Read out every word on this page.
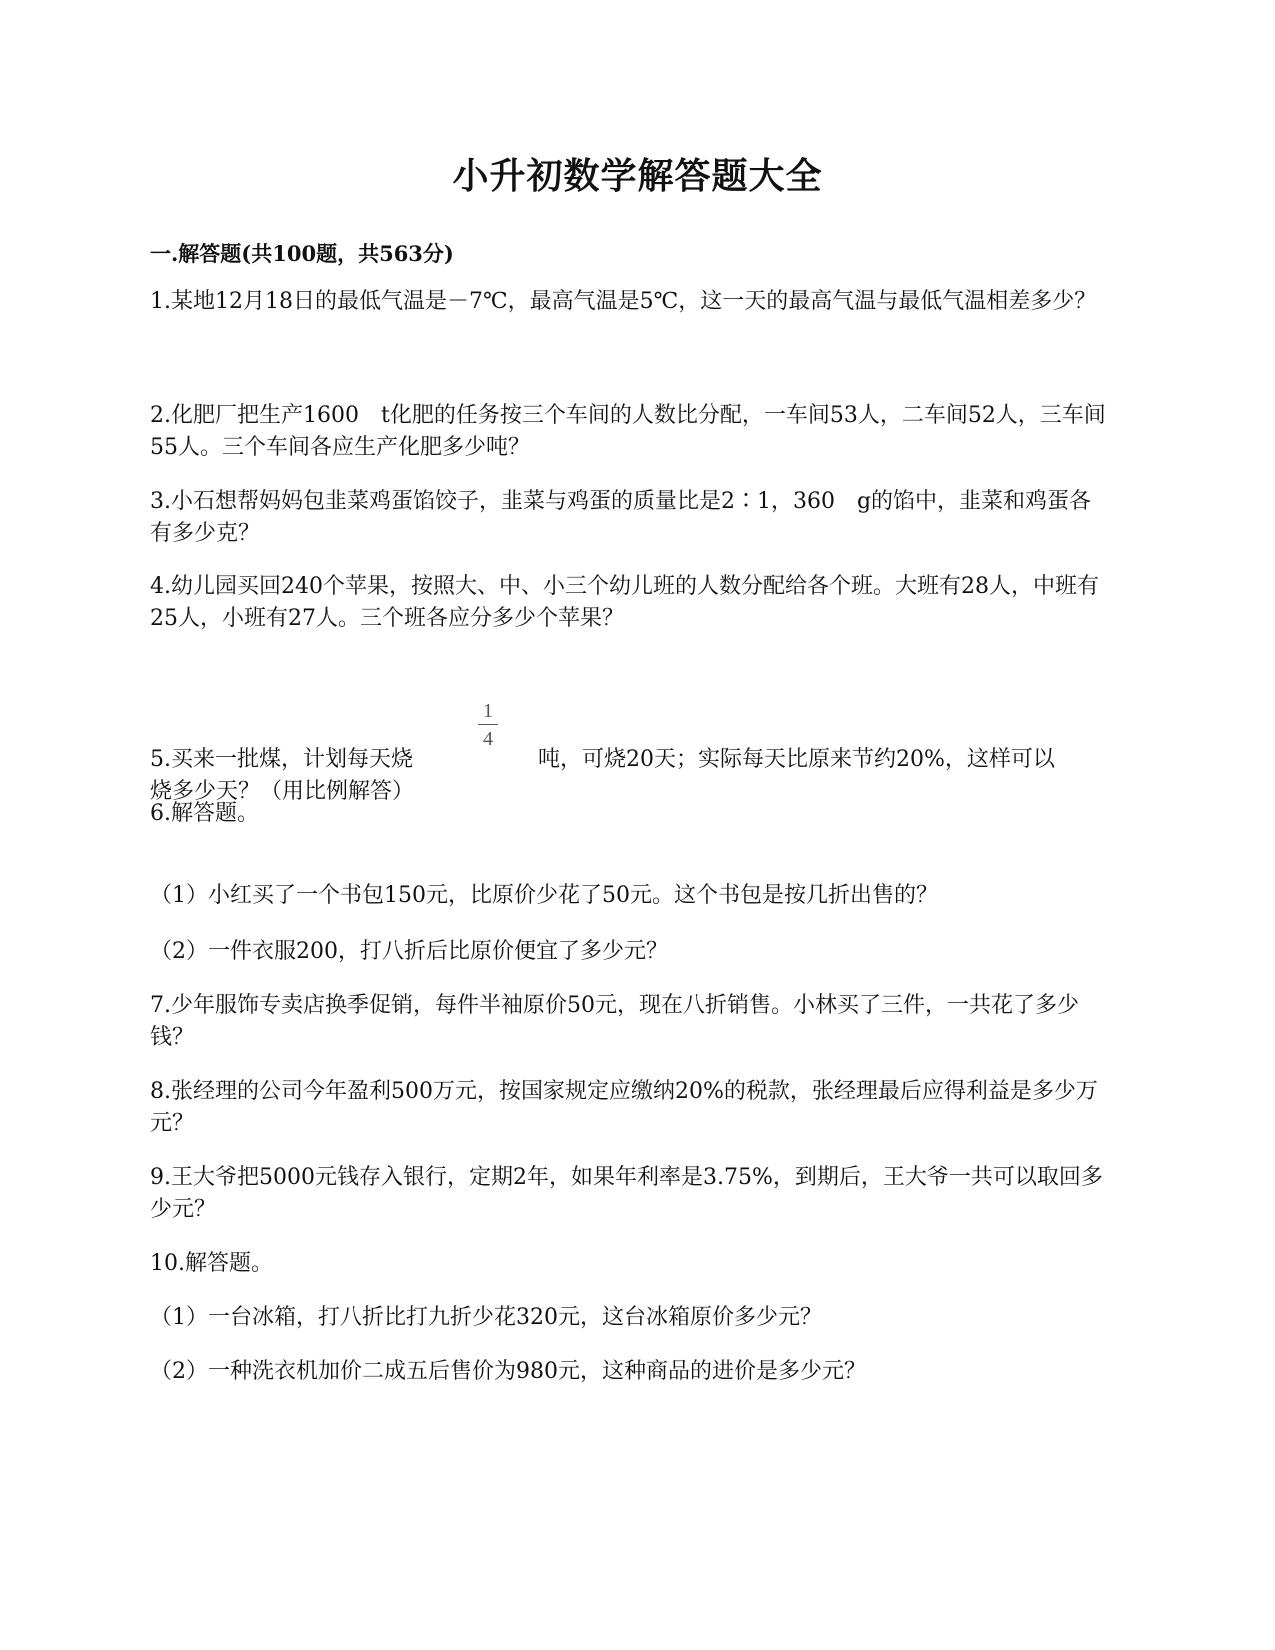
小升初数学解答题大全
一.解答题(共100题，共563分)

1.某地12月18日的最低气温是－7℃，最高气温是5℃，这一天的最高气温与最低气温相差多少？

2.化肥厂把生产1600　t化肥的任务按三个车间的人数比分配，一车间53人，二车间52人，三车间55人。三个车间各应生产化肥多少吨？

3.小石想帮妈妈包韭菜鸡蛋馅饺子，韭菜与鸡蛋的质量比是2∶1，360　g的馅中，韭菜和鸡蛋各有多少克？

4.幼儿园买回240个苹果，按照大、中、小三个幼儿班的人数分配给各个班。大班有28人，中班有25人，小班有27人。三个班各应分多少个苹果？

5.买来一批煤，计划每天烧
1
4
吨，可烧20天；实际每天比原来节约20%，这样可以
烧多少天？（用比例解答）

6.解答题。

（1）小红买了一个书包150元，比原价少花了50元。这个书包是按几折出售的？

（2）一件衣服200，打八折后比原价便宜了多少元？

7.少年服饰专卖店换季促销，每件半袖原价50元，现在八折销售。小林买了三件，一共花了多少钱？

8.张经理的公司今年盈利500万元，按国家规定应缴纳20%的税款，张经理最后应得利益是多少万元？

9.王大爷把5000元钱存入银行，定期2年，如果年利率是3.75%，到期后，王大爷一共可以取回多少元？

10.解答题。

（1）一台冰箱，打八折比打九折少花320元，这台冰箱原价多少元？

（2）一种洗衣机加价二成五后售价为980元，这种商品的进价是多少元？
